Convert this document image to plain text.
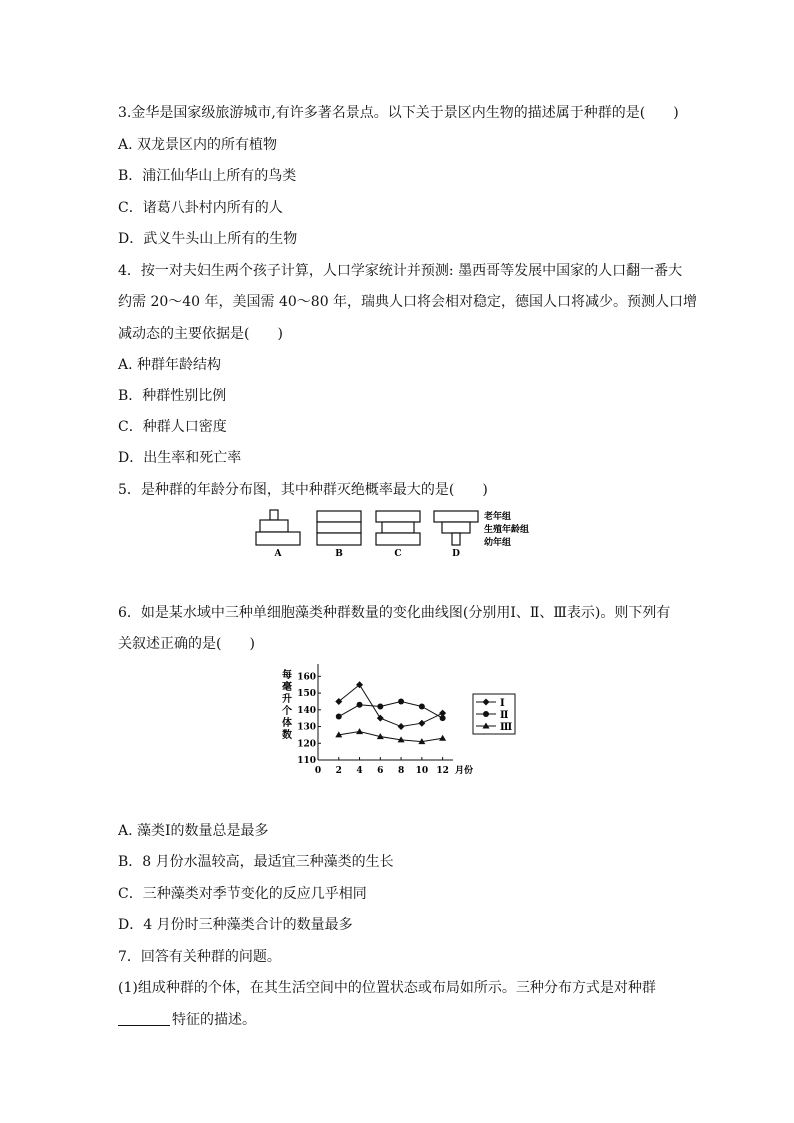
3.金华是国家级旅游城市,有许多著名景点。以下关于景区内生物的描述属于种群的是(　　)
A. 双龙景区内的所有植物
B．浦江仙华山上所有的鸟类
C．诸葛八卦村内所有的人
D．武义牛头山上所有的生物
4．按一对夫妇生两个孩子计算，人口学家统计并预测: 墨西哥等发展中国家的人口翻一番大
约需 20～40 年，美国需 40～80 年，瑞典人口将会相对稳定，德国人口将减少。预测人口增
减动态的主要依据是(　　)
A. 种群年龄结构
B．种群性别比例
C．种群人口密度
D．出生率和死亡率
5．是种群的年龄分布图，其中种群灭绝概率最大的是(　　)
A	B	C	D
老年组
生殖年龄组
幼年组
6．如是某水域中三种单细胞藻类种群数量的变化曲线图(分别用Ⅰ、Ⅱ、Ⅲ表示)。则下列有
关叙述正确的是(　　)
每
毫
升
个
体
数
110
120
130
140
150
160
0 2 4 6 8 10 12 月份
Ⅰ
Ⅱ
Ⅲ
A. 藻类Ⅰ的数量总是最多
B．8 月份水温较高，最适宜三种藻类的生长
C．三种藻类对季节变化的反应几乎相同
D．4 月份时三种藻类合计的数量最多
7．回答有关种群的问题。
(1)组成种群的个体，在其生活空间中的位置状态或布局如所示。三种分布方式是对种群
特征的描述。
